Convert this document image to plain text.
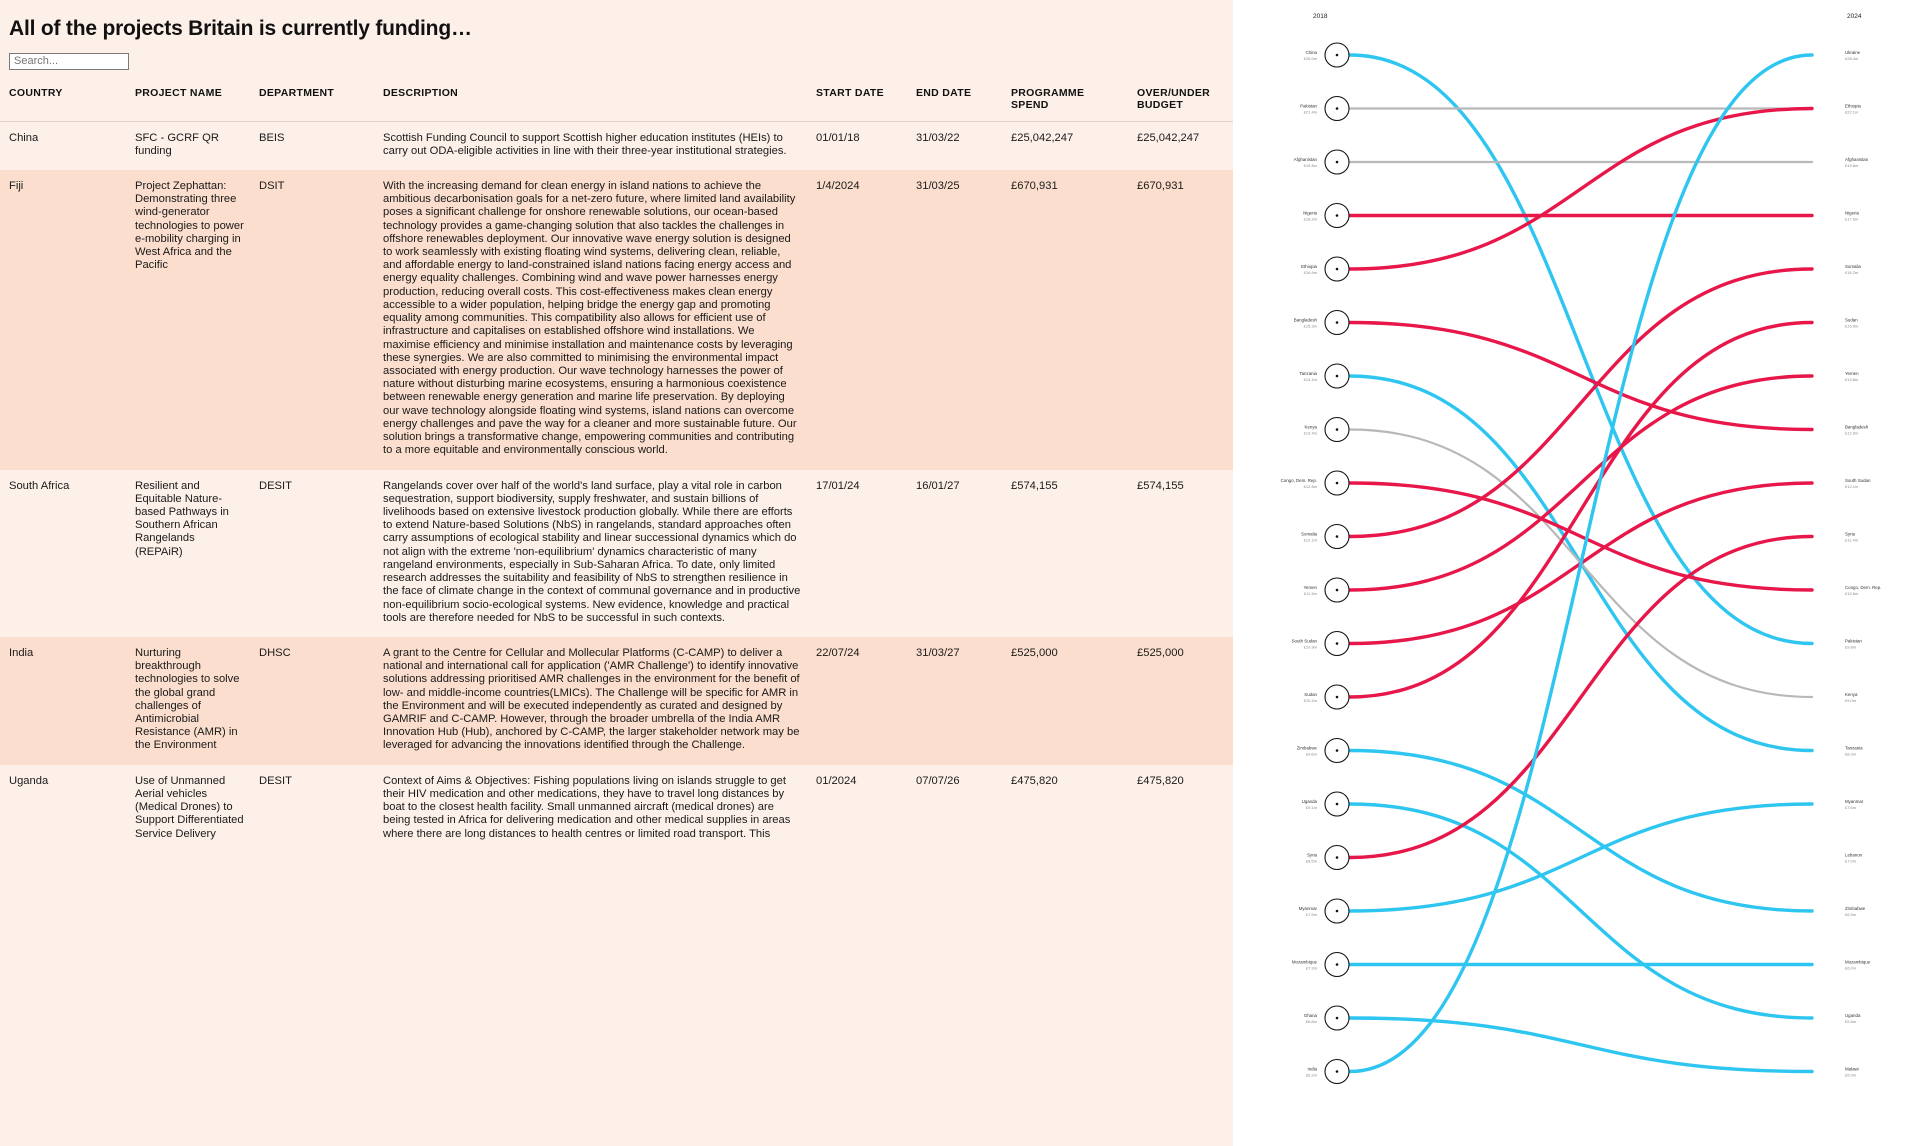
All of the projects Britain is currently funding…
Search...
COUNTRY	PROJECT NAME	DEPARTMENT	DESCRIPTION	START DATE	END DATE	PROGRAMME SPEND	OVER/UNDER BUDGET
China	SFC - GCRF QR funding	BEIS	Scottish Funding Council to support Scottish higher education institutes (HEIs) to carry out ODA-eligible activities in line with their three-year institutional strategies.	01/01/18	31/03/22	£25,042,247	£25,042,247
Fiji	Project Zephattan: Demonstrating three wind-generator technologies to power e-mobility charging in West Africa and the Pacific	DSIT	With the increasing demand for clean energy in island nations to achieve the ambitious decarbonisation goals for a net-zero future, where limited land availability poses a significant challenge for onshore renewable solutions, our ocean-based technology provides a game-changing solution that also tackles the challenges in offshore renewables deployment. Our innovative wave energy solution is designed to work seamlessly with existing floating wind systems, delivering clean, reliable, and affordable energy to land-constrained island nations facing energy access and energy equality challenges. Combining wind and wave power harnesses energy production, reducing overall costs. This cost-effectiveness makes clean energy accessible to a wider population, helping bridge the energy gap and promoting equality among communities. This compatibility also allows for efficient use of infrastructure and capitalises on established offshore wind installations. We maximise efficiency and minimise installation and maintenance costs by leveraging these synergies. We are also committed to minimising the environmental impact associated with energy production. Our wave technology harnesses the power of nature without disturbing marine ecosystems, ensuring a harmonious coexistence between renewable energy generation and marine life preservation. By deploying our wave technology alongside floating wind systems, island nations can overcome energy challenges and pave the way for a cleaner and more sustainable future. Our solution brings a transformative change, empowering communities and contributing to a more equitable and environmentally conscious world.	1/4/2024	31/03/25	£670,931	£670,931
South Africa	Resilient and Equitable Nature-based Pathways in Southern African Rangelands (REPAiR)	DESIT	Rangelands cover over half of the world's land surface, play a vital role in carbon sequestration, support biodiversity, supply freshwater, and sustain billions of livelihoods based on extensive livestock production globally. While there are efforts to extend Nature-based Solutions (NbS) in rangelands, standard approaches often carry assumptions of ecological stability and linear successional dynamics which do not align with the extreme 'non-equilibrium' dynamics characteristic of many rangeland environments, especially in Sub-Saharan Africa. To date, only limited research addresses the suitability and feasibility of NbS to strengthen resilience in the face of climate change in the context of communal governance and in productive non-equilibrium socio-ecological systems. New evidence, knowledge and practical tools are therefore needed for NbS to be successful in such contexts.	17/01/24	16/01/27	£574,155	£574,155
India	Nurturing breakthrough technologies to solve the global grand challenges of Antimicrobial Resistance (AMR) in the Environment	DHSC	A grant to the Centre for Cellular and Mollecular Platforms (C-CAMP) to deliver a national and international call for application ('AMR Challenge') to identify innovative solutions addressing prioritised AMR challenges in the environment for the benefit of low- and middle-income countries(LMICs). The Challenge will be specific for AMR in the Environment and will be executed independently as curated and designed by GAMRIF and C-CAMP. However, through the broader umbrella of the India AMR Innovation Hub (Hub), anchored by C-CAMP, the larger stakeholder network may be leveraged for advancing the innovations identified through the Challenge.	22/07/24	31/03/27	£525,000	£525,000
Uganda	Use of Unmanned Aerial vehicles (Medical Drones) to Support Differentiated Service Delivery	DESIT	Context of Aims & Objectives: Fishing populations living on islands struggle to get their HIV medication and other medications, they have to travel long distances by boat to the closest health facility. Small unmanned aircraft (medical drones) are being tested in Africa for delivering medication and other medical supplies in areas where there are long distances to health centres or limited road transport. This	01/2024	07/07/26	£475,820	£475,820
2018	2024
China
£25.0m
Pakistan
£21.4m
Afghanistan
£19.8m
Nigeria
£18.2m
Ethiopia
£16.9m
Bangladesh
£15.3m
Tanzania
£14.1m
Kenya
£13.4m
Congo, Dem. Rep.
£12.8m
Somalia
£12.1m
Yemen
£11.5m
South Sudan
£10.9m
Sudan
£10.2m
Zimbabwe
£9.6m
Uganda
£9.1m
Syria
£8.5m
Myanmar
£7.9m
Mozambique
£7.3m
Ghana
£6.8m
India
£6.2m
Ukraine
£28.4m
Ethiopia
£22.1m
Afghanistan
£19.8m
Nigeria
£17.6m
Somalia
£16.2m
Sudan
£15.0m
Yemen
£13.8m
Bangladesh
£12.9m
South Sudan
£12.1m
Syria
£11.4m
Congo, Dem. Rep.
£10.6m
Pakistan
£9.8m
Kenya
£9.0m
Tanzania
£8.3m
Myanmar
£7.6m
Lebanon
£7.0m
Zimbabwe
£6.5m
Mozambique
£6.0m
Uganda
£5.5m
Malawi
£5.0m
